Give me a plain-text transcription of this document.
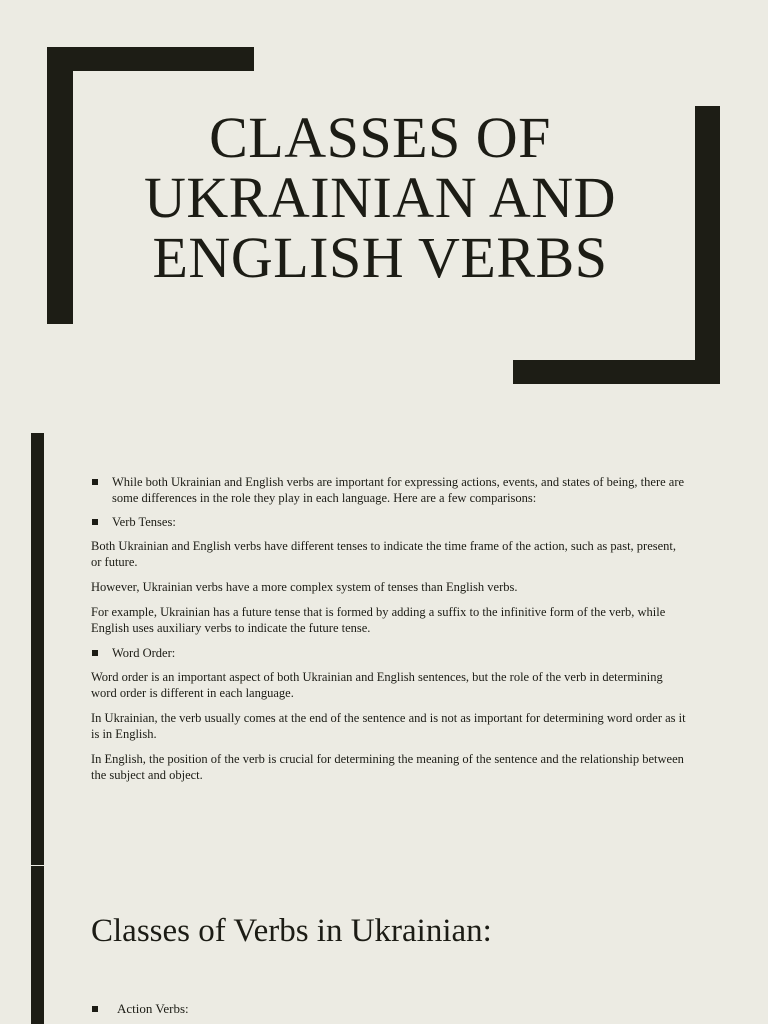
CLASSES OF UKRAINIAN AND ENGLISH VERBS
While both Ukrainian and English verbs are important for expressing actions, events, and states of being, there are some differences in the role they play in each language. Here are a few comparisons:
Verb Tenses:
Both Ukrainian and English verbs have different tenses to indicate the time frame of the action, such as past, present, or future.
However, Ukrainian verbs have a more complex system of tenses than English verbs.
For example, Ukrainian has a future tense that is formed by adding a suffix to the infinitive form of the verb, while English uses auxiliary verbs to indicate the future tense.
Word Order:
Word order is an important aspect of both Ukrainian and English sentences, but the role of the verb in determining word order is different in each language.
In Ukrainian, the verb usually comes at the end of the sentence and is not as important for determining word order as it is in English.
In English, the position of the verb is crucial for determining the meaning of the sentence and the relationship between the subject and object.
Classes of Verbs in Ukrainian:
Action Verbs:
